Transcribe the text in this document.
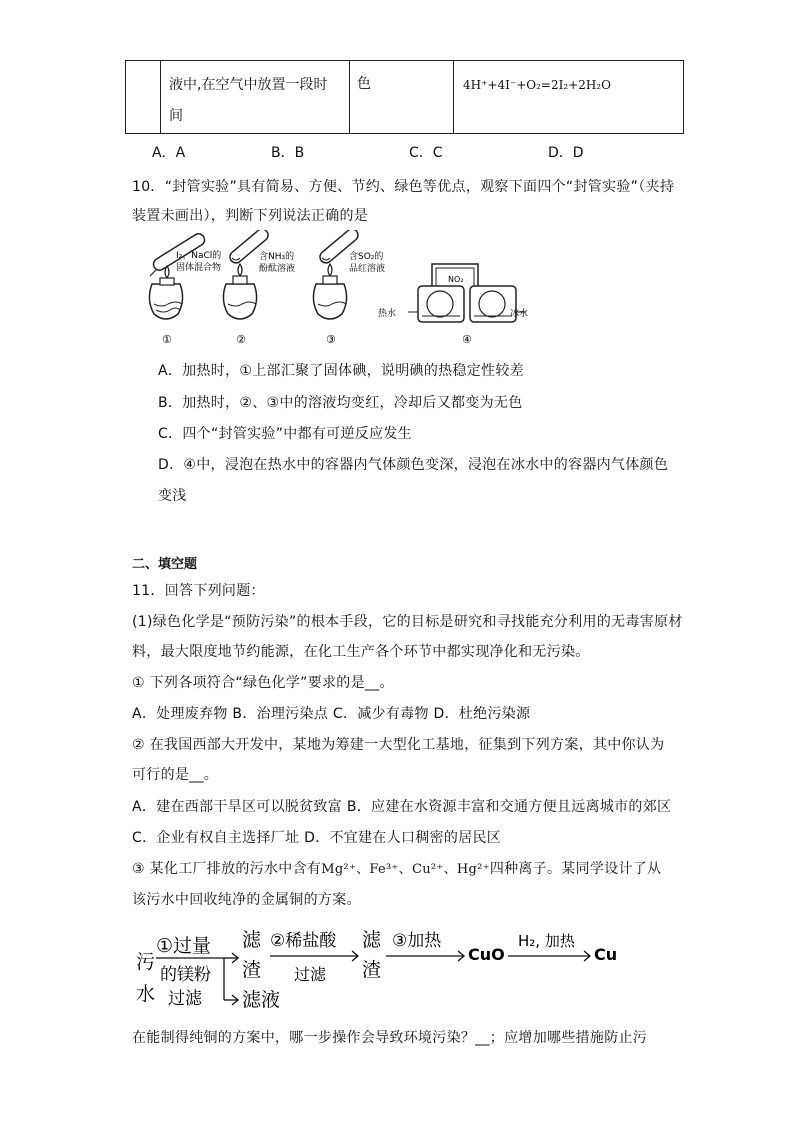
液中,在空气中放置一段时
间
	色	4H⁺+4I⁻+O₂=2I₂+2H₂O
A．A	B．B	C．C	D．D
10．“封管实验”具有简易、方便、节约、绿色等优点，观察下面四个“封管实验”（夹持
装置未画出），判断下列说法正确的是
I₂、NaCl的
固体混合物
含NH₃的
酚酞溶液
含SO₂的
品红溶液
NO₂
热水	冰水
①	②	③	④
A．加热时，①上部汇聚了固体碘，说明碘的热稳定性较差
B．加热时，②、③中的溶液均变红，冷却后又都变为无色
C．四个“封管实验”中都有可逆反应发生
D．④中，浸泡在热水中的容器内气体颜色变深，浸泡在冰水中的容器内气体颜色
变浅
二、填空题
11．回答下列问题：
(1)绿色化学是“预防污染”的根本手段，它的目标是研究和寻找能充分利用的无毒害原材
料，最大限度地节约能源，在化工生产各个环节中都实现净化和无污染。
① 下列各项符合“绿色化学”要求的是__。
A．处理废弃物 B．治理污染点 C．减少有毒物 D．杜绝污染源
② 在我国西部大开发中，某地为筹建一大型化工基地，征集到下列方案，其中你认为
可行的是__。
A．建在西部干旱区可以脱贫致富 B．应建在水资源丰富和交通方便且远离城市的郊区
C．企业有权自主选择厂址 D．不宜建在人口稠密的居民区
③ 某化工厂排放的污水中含有Mg²⁺、Fe³⁺、Cu²⁺、Hg²⁺四种离子。某同学设计了从
该污水中回收纯净的金属铜的方案。
污
水
①过量
的镁粉
过滤
滤
渣
滤液
②稀盐酸
过滤
滤
渣
③加热
CuO
H₂, 加热
Cu
在能制得纯铜的方案中，哪一步操作会导致环境污染？__；应增加哪些措施防止污
